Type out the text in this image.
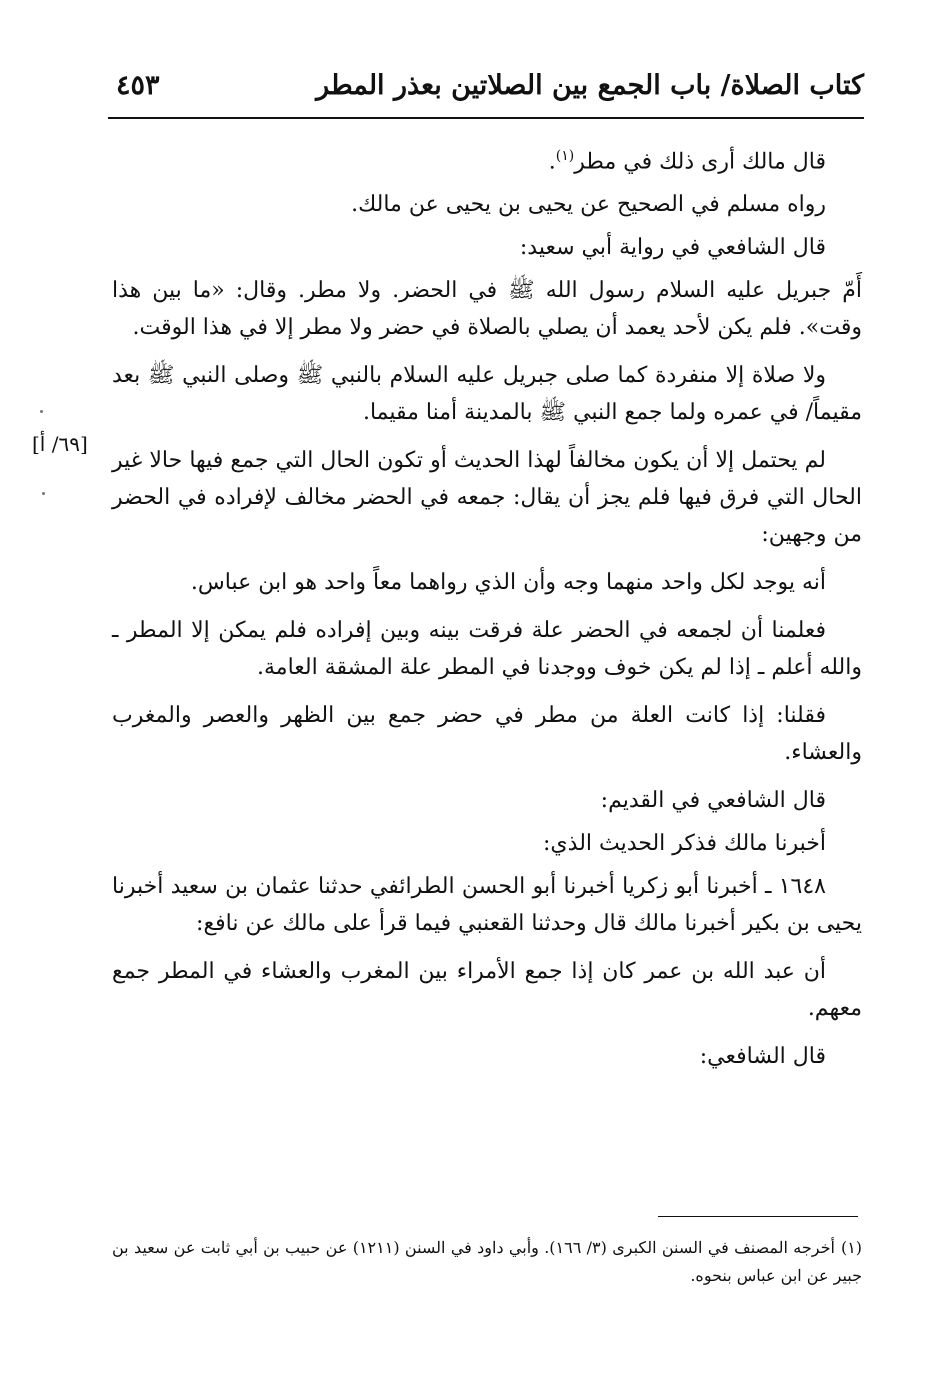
كتاب الصلاة/ باب الجمع بين الصلاتين بعذر المطر
٤٥٣
[٦٩/ أ]

قال مالك أرى ذلك في مطر$^{(١)}$.

رواه مسلم في الصحيح عن يحيى بن يحيى عن مالك.

قال الشافعي في رواية أبي سعيد:

أَمّ جبريل عليه السلام رسول الله ﷺ في الحضر. ولا مطر. وقال: «ما بين هذا وقت». فلم يكن لأحد يعمد أن يصلي بالصلاة في حضر ولا مطر إلا في هذا الوقت.

ولا صلاة إلا منفردة كما صلى جبريل عليه السلام بالنبي ﷺ وصلى النبي ﷺ بعد مقيماً/ في عمره ولما جمع النبي ﷺ بالمدينة أمنا مقيما.

لم يحتمل إلا أن يكون مخالفاً لهذا الحديث أو تكون الحال التي جمع فيها حالا غير الحال التي فرق فيها فلم يجز أن يقال: جمعه في الحضر مخالف لإفراده في الحضر من وجهين:

أنه يوجد لكل واحد منهما وجه وأن الذي رواهما معاً واحد هو ابن عباس.

فعلمنا أن لجمعه في الحضر علة فرقت بينه وبين إفراده فلم يمكن إلا المطر ـ والله أعلم ـ إذا لم يكن خوف ووجدنا في المطر علة المشقة العامة.

فقلنا: إذا كانت العلة من مطر في حضر جمع بين الظهر والعصر والمغرب والعشاء.

قال الشافعي في القديم:

أخبرنا مالك فذكر الحديث الذي:

١٦٤٨ ـ أخبرنا أبو زكريا أخبرنا أبو الحسن الطرائفي حدثنا عثمان بن سعيد أخبرنا يحيى بن بكير أخبرنا مالك قال وحدثنا القعنبي فيما قرأ على مالك عن نافع:

أن عبد الله بن عمر كان إذا جمع الأمراء بين المغرب والعشاء في المطر جمع معهم.

قال الشافعي:

(١)أخرجه المصنف في السنن الكبرى (٣/ ١٦٦). وأبي داود في السنن (١٢١١) عن حبيب بن أبي ثابت عن سعيد بن جبير عن ابن عباس بنحوه.
